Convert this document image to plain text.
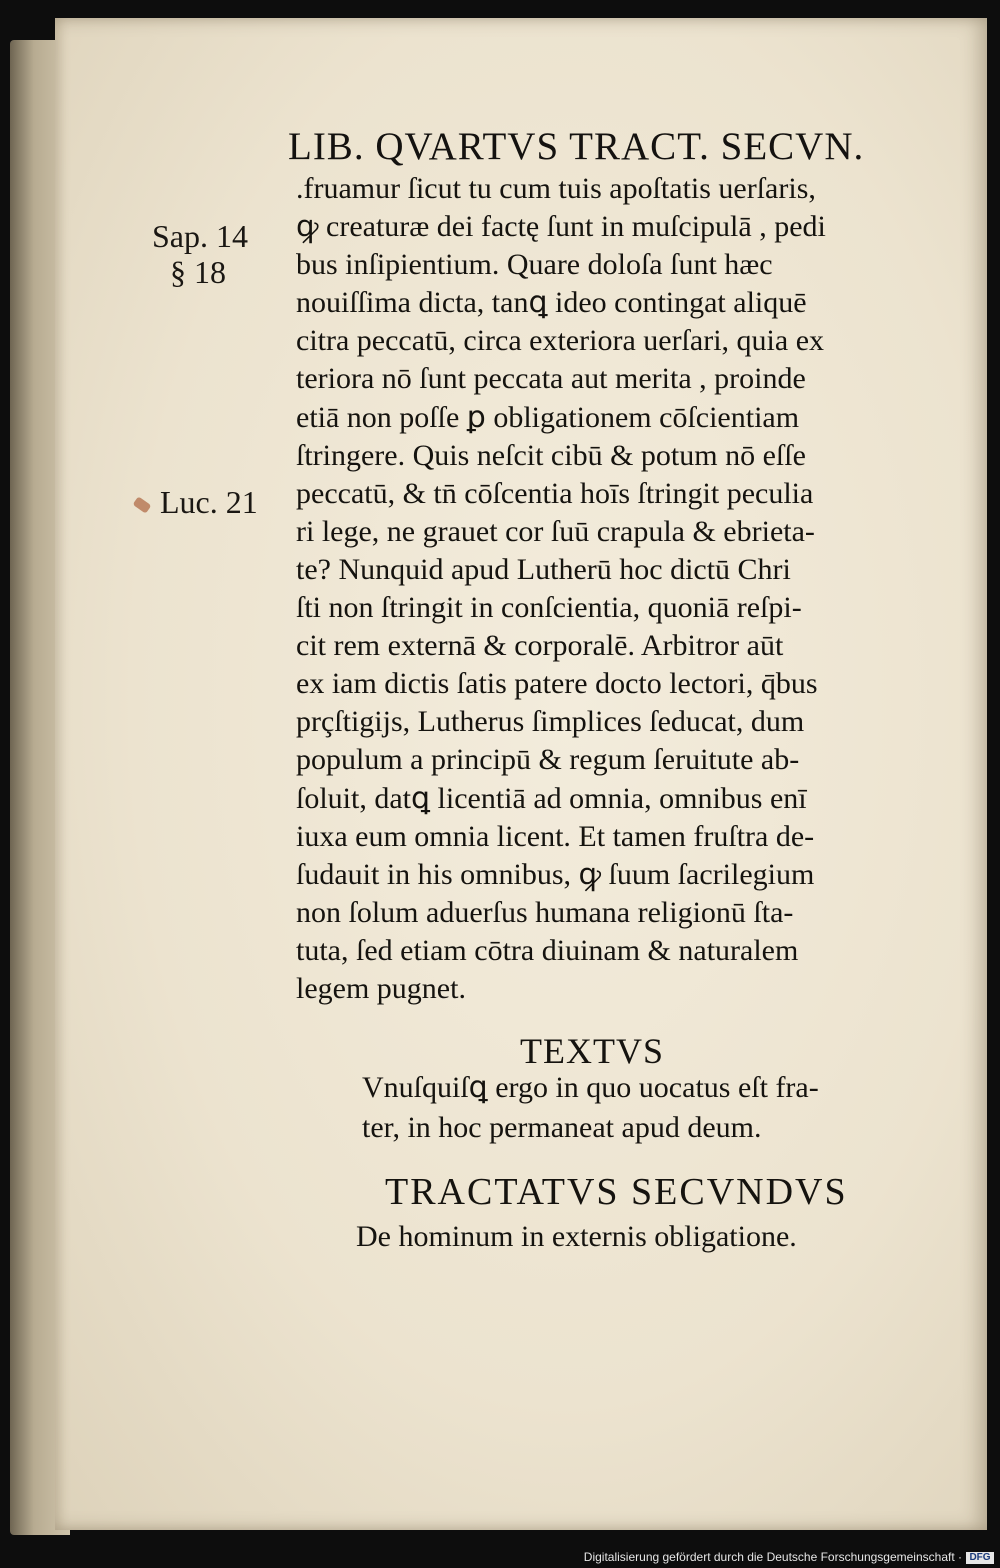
LIB. QVARTVS TRACT. SECVN.
Sap. 14
§ 18
Luc. 21
.fruamur ſicut tu cum tuis apoſtatis uerſaris,
ꝙ creaturæ dei factę ſunt in muſcipulā , pedi
bus inſipientium. Quare doloſa ſunt hæc
nouiſſima dicta, tanꝗ ideo contingat aliquē
citra peccatū, circa exteriora uerſari, quia ex
teriora nō ſunt peccata aut merita , proinde
etiā non poſſe ꝑ obligationem cōſcientiam
ſtringere. Quis neſcit cibū & potum nō eſſe
peccatū, & tn̄ cōſcentia hoīs ſtringit peculia
ri lege, ne grauet cor ſuū crapula & ebrieta-
te? Nunquid apud Lutherū hoc dictū Chri
ſti non ſtringit in conſcientia, quoniā reſpi-
cit rem externā & corporalē. Arbitror aūt
ex iam dictis ſatis patere docto lectori, q̄bus
prçſtigijs, Lutherus ſimplices ſeducat, dum
populum a principū & regum ſeruitute ab-
ſoluit, datꝗ licentiā ad omnia, omnibus enī
iuxa eum omnia licent. Et tamen fruſtra de-
ſudauit in his omnibus, ꝙ ſuum ſacrilegium
non ſolum aduerſus humana religionū ſta-
tuta, ſed etiam cōtra diuinam & naturalem
legem pugnet.
TEXTVS
Vnuſquiſꝗ ergo in quo uocatus eſt fra-
ter, in hoc permaneat apud deum.
TRACTATVS SECVNDVS
De hominum in externis obligatione.
Digitalisierung gefördert durch die Deutsche Forschungsgemeinschaft · DFG
